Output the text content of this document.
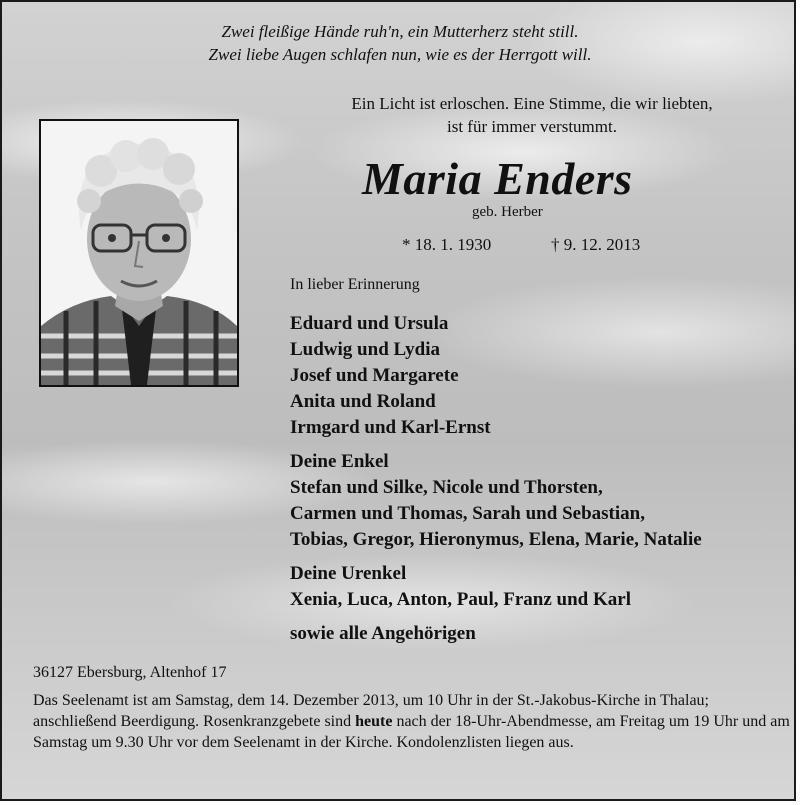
Zwei fleißige Hände ruh'n, ein Mutterherz steht still.
Zwei liebe Augen schlafen nun, wie es der Herrgott will.
Ein Licht ist erloschen. Eine Stimme, die wir liebten,
ist für immer verstummt.
Maria Enders
geb. Herber
* 18. 1. 1930	† 9. 12. 2013
In lieber Erinnerung
Eduard und Ursula
Ludwig und Lydia
Josef und Margarete
Anita und Roland
Irmgard und Karl-Ernst
Deine Enkel
Stefan und Silke, Nicole und Thorsten,
Carmen und Thomas, Sarah und Sebastian,
Tobias, Gregor, Hieronymus, Elena, Marie, Natalie
Deine Urenkel
Xenia, Luca, Anton, Paul, Franz und Karl
sowie alle Angehörigen
36127 Ebersburg, Altenhof 17
Das Seelenamt ist am Samstag, dem 14. Dezember 2013, um 10 Uhr in der St.-Jakobus-Kirche in Thalau; anschließend Beerdigung. Rosenkranzgebete sind heute nach der 18-Uhr-Abendmesse, am Freitag um 19 Uhr und am Samstag um 9.30 Uhr vor dem Seelenamt in der Kirche. Kondolenzlisten liegen aus.
